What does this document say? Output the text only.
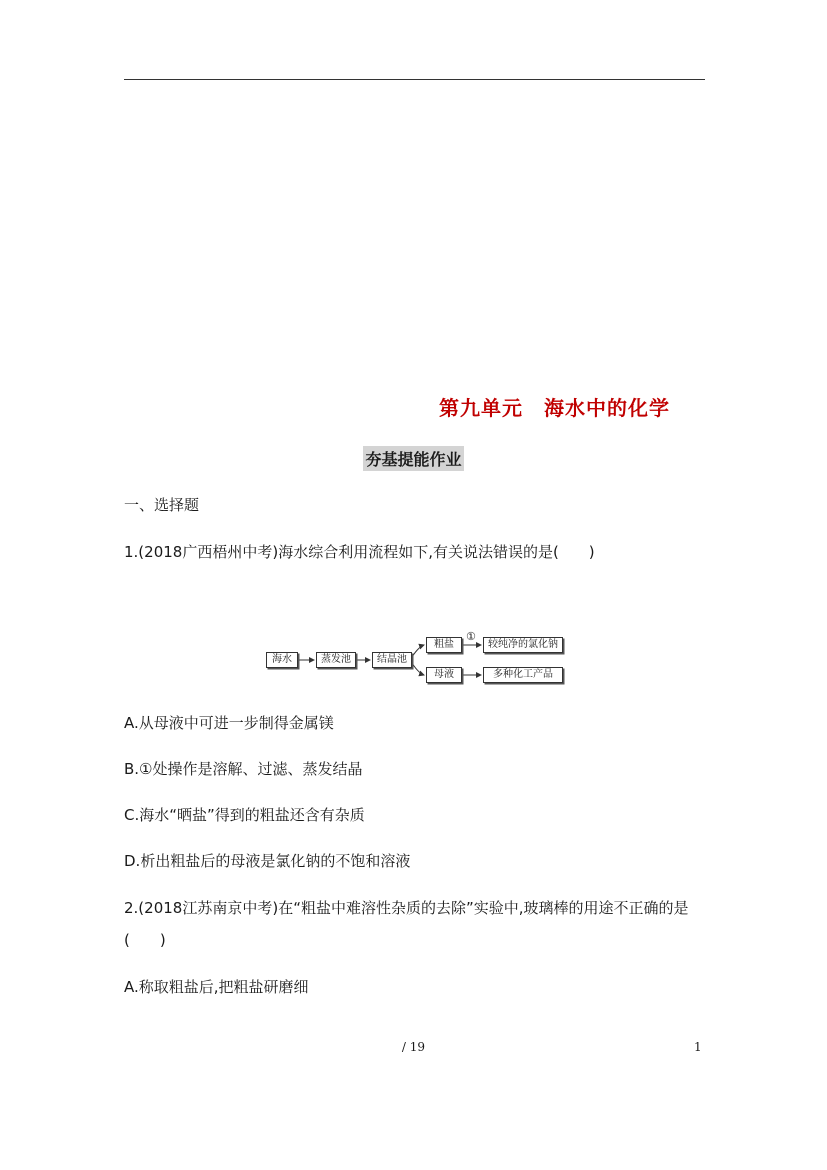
第九单元　海水中的化学
夯基提能作业
一、选择题
1.(2018广西梧州中考)海水综合利用流程如下,有关说法错误的是(　　)
海水	蒸发池	结晶池
粗盐
①
较纯净的氯化钠
母液	多种化工产品
A.从母液中可进一步制得金属镁
B.①处操作是溶解、过滤、蒸发结晶
C.海水“晒盐”得到的粗盐还含有杂质
D.析出粗盐后的母液是氯化钠的不饱和溶液
2.(2018江苏南京中考)在“粗盐中难溶性杂质的去除”实验中,玻璃棒的用途不正确的是
(　　)
A.称取粗盐后,把粗盐研磨细
/ 19	1
